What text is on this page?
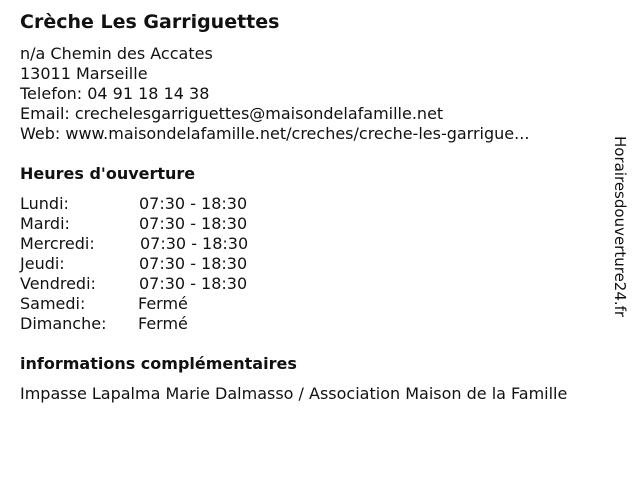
Crèche Les Garriguettes
n/a Chemin des Accates
13011 Marseille
Telefon: 04 91 18 14 38
Email: crechelesgarriguettes@maisondelafamille.net
Web: www.maisondelafamille.net/creches/creche-les-garrigue...
Heures d'ouverture
Lundi:	07:30 - 18:30
Mardi:	07:30 - 18:30
Mercredi:	07:30 - 18:30
Jeudi:	07:30 - 18:30
Vendredi:	07:30 - 18:30
Samedi:	Fermé
Dimanche: Fermé
informations complémentaires
Impasse Lapalma Marie Dalmasso / Association Maison de la Famille
Horairesdouverture24.fr
